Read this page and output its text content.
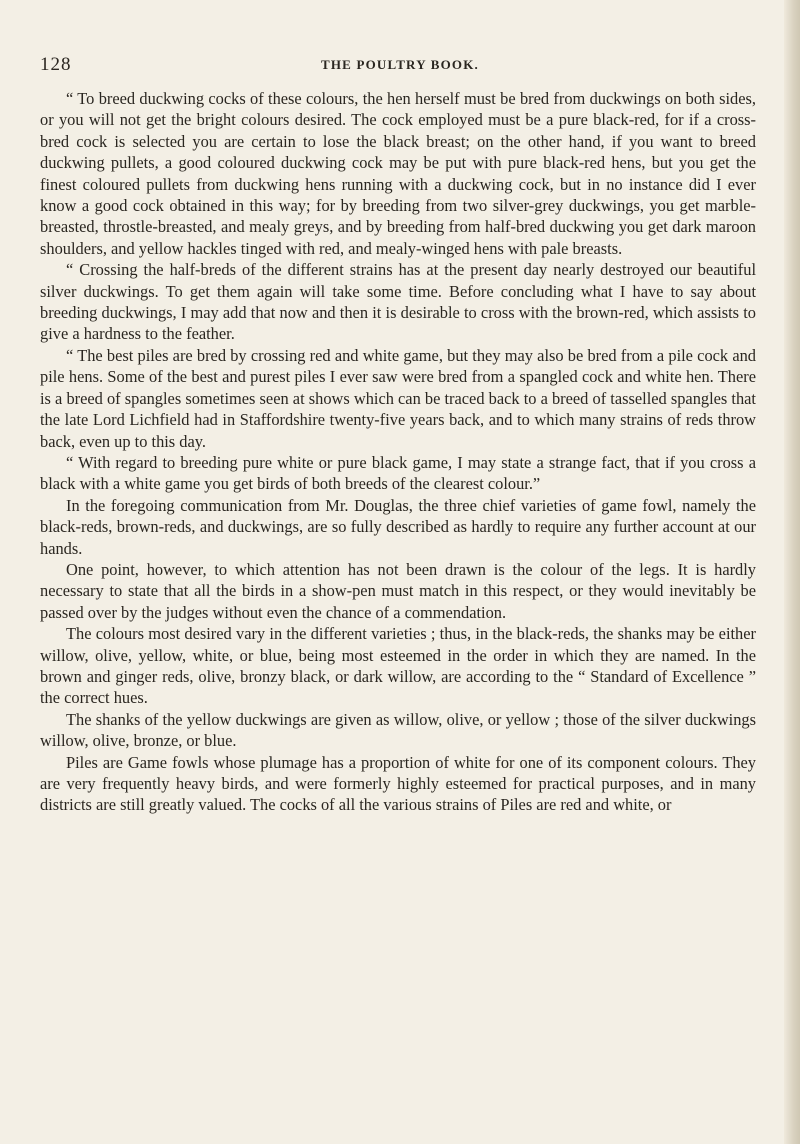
128	THE POULTRY BOOK.

“ To breed duckwing cocks of these colours, the hen herself must be bred from duckwings on both sides, or you will not get the bright colours desired. The cock employed must be a pure black-red, for if a cross-bred cock is selected you are certain to lose the black breast; on the other hand, if you want to breed duckwing pullets, a good coloured duckwing cock may be put with pure black-red hens, but you get the finest coloured pullets from duckwing hens running with a duckwing cock, but in no instance did I ever know a good cock obtained in this way; for by breeding from two silver-grey duckwings, you get marble-breasted, throstle-breasted, and mealy greys, and by breeding from half-bred duckwing you get dark maroon shoulders, and yellow hackles tinged with red, and mealy-winged hens with pale breasts.

“ Crossing the half-breds of the different strains has at the present day nearly destroyed our beautiful silver duckwings. To get them again will take some time. Before concluding what I have to say about breeding duckwings, I may add that now and then it is desirable to cross with the brown-red, which assists to give a hardness to the feather.

“ The best piles are bred by crossing red and white game, but they may also be bred from a pile cock and pile hens. Some of the best and purest piles I ever saw were bred from a spangled cock and white hen. There is a breed of spangles sometimes seen at shows which can be traced back to a breed of tasselled spangles that the late Lord Lichfield had in Staffordshire twenty-five years back, and to which many strains of reds throw back, even up to this day.

“ With regard to breeding pure white or pure black game, I may state a strange fact, that if you cross a black with a white game you get birds of both breeds of the clearest colour.”

In the foregoing communication from Mr. Douglas, the three chief varieties of game fowl, namely the black-reds, brown-reds, and duckwings, are so fully described as hardly to require any further account at our hands.

One point, however, to which attention has not been drawn is the colour of the legs. It is hardly necessary to state that all the birds in a show-pen must match in this respect, or they would inevitably be passed over by the judges without even the chance of a commendation.

The colours most desired vary in the different varieties ; thus, in the black-reds, the shanks may be either willow, olive, yellow, white, or blue, being most esteemed in the order in which they are named. In the brown and ginger reds, olive, bronzy black, or dark willow, are according to the “ Standard of Excellence ” the correct hues.

The shanks of the yellow duckwings are given as willow, olive, or yellow ; those of the silver duckwings willow, olive, bronze, or blue.

Piles are Game fowls whose plumage has a proportion of white for one of its component colours. They are very frequently heavy birds, and were formerly highly esteemed for practical purposes, and in many districts are still greatly valued. The cocks of all the various strains of Piles are red and white, or
